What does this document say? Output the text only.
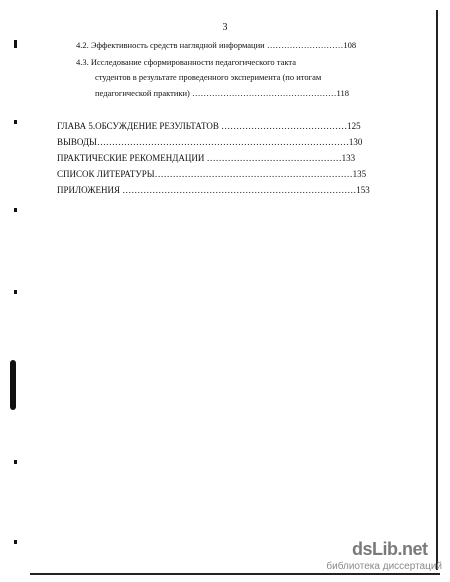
3
4.2. Эффективность средств наглядной информации ………………………108
4.3. Исследование сформированности педагогического такта
студентов в результате проведенного эксперимента (по итогам
педагогической практики) ……………………………………………118
ГЛАВА 5.ОБСУЖДЕНИЕ РЕЗУЛЬТАТОВ ……………………………………125
ВЫВОДЫ…………………………………………………………………………130
ПРАКТИЧЕСКИЕ РЕКОМЕНДАЦИИ ………………………………………133
СПИСОК ЛИТЕРАТУРЫ…………………………………………………………135
ПРИЛОЖЕНИЯ ……………………………………………………………………153
dsLib.net
библиотека диссертаций
